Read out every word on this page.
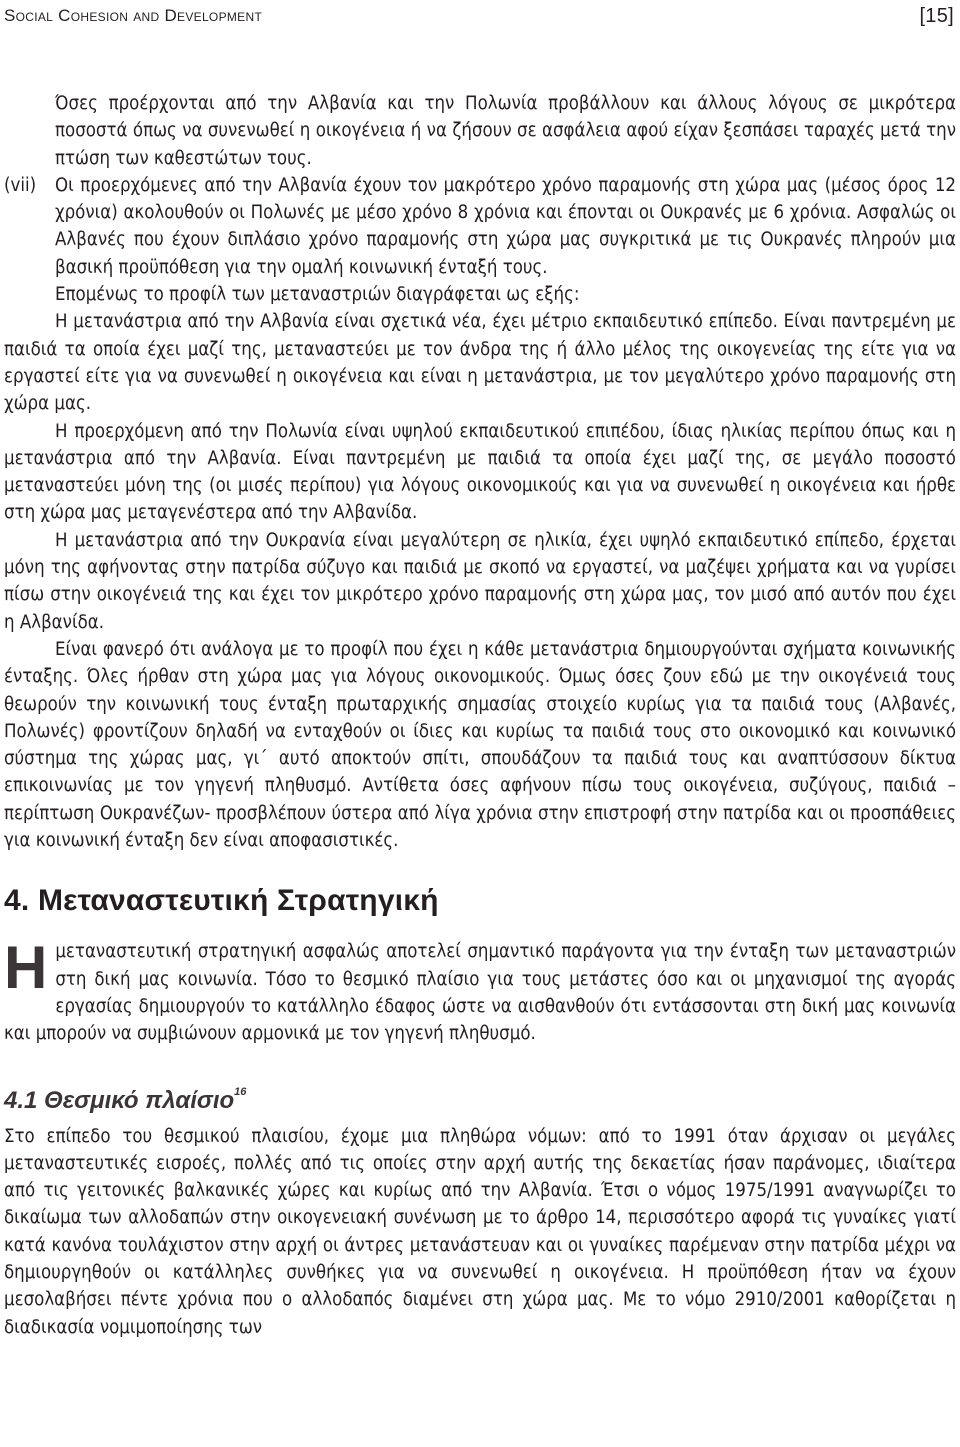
Social Cohesion and Development	[15]

Όσες προέρχονται από την Αλβανία και την Πολωνία προβάλλουν και άλλους λόγους σε μικρότερα ποσοστά όπως να συνενωθεί η οικογένεια ή να ζήσουν σε ασφάλεια αφού είχαν ξεσπάσει ταραχές μετά την πτώση των καθεστώτων τους.

(vii)	Οι προερχόμενες από την Αλβανία έχουν τον μακρότερο χρόνο παραμονής στη χώρα μας (μέσος όρος 12 χρόνια) ακολουθούν οι Πολωνές με μέσο χρόνο 8 χρόνια και έπονται οι Ουκρανές με 6 χρόνια. Ασφαλώς οι Αλβανές που έχουν διπλάσιο χρόνο παραμονής στη χώρα μας συγκριτικά με τις Ουκρανές πληρούν μια βασική προϋπόθεση για την ομαλή κοινωνική ένταξή τους.

Επομένως το προφίλ των μεταναστριών διαγράφεται ως εξής:

Η μετανάστρια από την Αλβανία είναι σχετικά νέα, έχει μέτριο εκπαιδευτικό επίπεδο. Είναι παντρεμένη με παιδιά τα οποία έχει μαζί της, μεταναστεύει με τον άνδρα της ή άλλο μέλος της οικογενείας της είτε για να εργαστεί είτε για να συνενωθεί η οικογένεια και είναι η μετανάστρια, με τον μεγαλύτερο χρόνο παραμονής στη χώρα μας.

Η προερχόμενη από την Πολωνία είναι υψηλού εκπαιδευτικού επιπέδου, ίδιας ηλικίας περίπου όπως και η μετανάστρια από την Αλβανία. Είναι παντρεμένη με παιδιά τα οποία έχει μαζί της, σε μεγάλο ποσοστό μεταναστεύει μόνη της (οι μισές περίπου) για λόγους οικονομικούς και για να συνενωθεί η οικογένεια και ήρθε στη χώρα μας μεταγενέστερα από την Αλβανίδα.

Η μετανάστρια από την Ουκρανία είναι μεγαλύτερη σε ηλικία, έχει υψηλό εκπαιδευτικό επίπεδο, έρχεται μόνη της αφήνοντας στην πατρίδα σύζυγο και παιδιά με σκοπό να εργαστεί, να μαζέψει χρήματα και να γυρίσει πίσω στην οικογένειά της και έχει τον μικρότερο χρόνο παραμονής στη χώρα μας, τον μισό από αυτόν που έχει η Αλβανίδα.

Είναι φανερό ότι ανάλογα με το προφίλ που έχει η κάθε μετανάστρια δημιουργούνται σχήματα κοινωνικής ένταξης. Όλες ήρθαν στη χώρα μας για λόγους οικονομικούς. Όμως όσες ζουν εδώ με την οικογένειά τους θεωρούν την κοινωνική τους ένταξη πρωταρχικής σημασίας στοιχείο κυρίως για τα παιδιά τους (Αλβανές, Πολωνές) φροντίζουν δηλαδή να ενταχθούν οι ίδιες και κυρίως τα παιδιά τους στο οικονομικό και κοινωνικό σύστημα της χώρας μας, γι΄ αυτό αποκτούν σπίτι, σπουδάζουν τα παιδιά τους και αναπτύσσουν δίκτυα επικοινωνίας με τον γηγενή πληθυσμό. Αντίθετα όσες αφήνουν πίσω τους οικογένεια, συζύγους, παιδιά –περίπτωση Ουκρανέζων- προσβλέπουν ύστερα από λίγα χρόνια στην επιστροφή στην πατρίδα και οι προσπάθειες για κοινωνική ένταξη δεν είναι αποφασιστικές.

4. Μεταναστευτική Στρατηγική

Η μεταναστευτική στρατηγική ασφαλώς αποτελεί σημαντικό παράγοντα για την ένταξη των μεταναστριών στη δική μας κοινωνία. Τόσο το θεσμικό πλαίσιο για τους μετάστες όσο και οι μηχανισμοί της αγοράς εργασίας δημιουργούν το κατάλληλο έδαφος ώστε να αισθανθούν ότι εντάσσονται στη δική μας κοινωνία και μπορούν να συμβιώνουν αρμονικά με τον γηγενή πληθυσμό.

4.1 Θεσμικό πλαίσιο$^{16}$

Στο επίπεδο του θεσμικού πλαισίου, έχομε μια πληθώρα νόμων: από το 1991 όταν άρχισαν οι μεγάλες μεταναστευτικές εισροές, πολλές από τις οποίες στην αρχή αυτής της δεκαετίας ήσαν παράνομες, ιδιαίτερα από τις γειτονικές βαλκανικές χώρες και κυρίως από την Αλβανία. Έτσι ο νόμος 1975/1991 αναγνωρίζει το δικαίωμα των αλλοδαπών στην οικογενειακή συνένωση με το άρθρο 14, περισσότερο αφορά τις γυναίκες γιατί κατά κανόνα τουλάχιστον στην αρχή οι άντρες μετανάστευαν και οι γυναίκες παρέμεναν στην πατρίδα μέχρι να δημιουργηθούν οι κατάλληλες συνθήκες για να συνενωθεί η οικογένεια. Η προϋπόθεση ήταν να έχουν μεσολαβήσει πέντε χρόνια που ο αλλοδαπός διαμένει στη χώρα μας. Με το νόμο 2910/2001 καθορίζεται η διαδικασία νομιμοποίησης των
